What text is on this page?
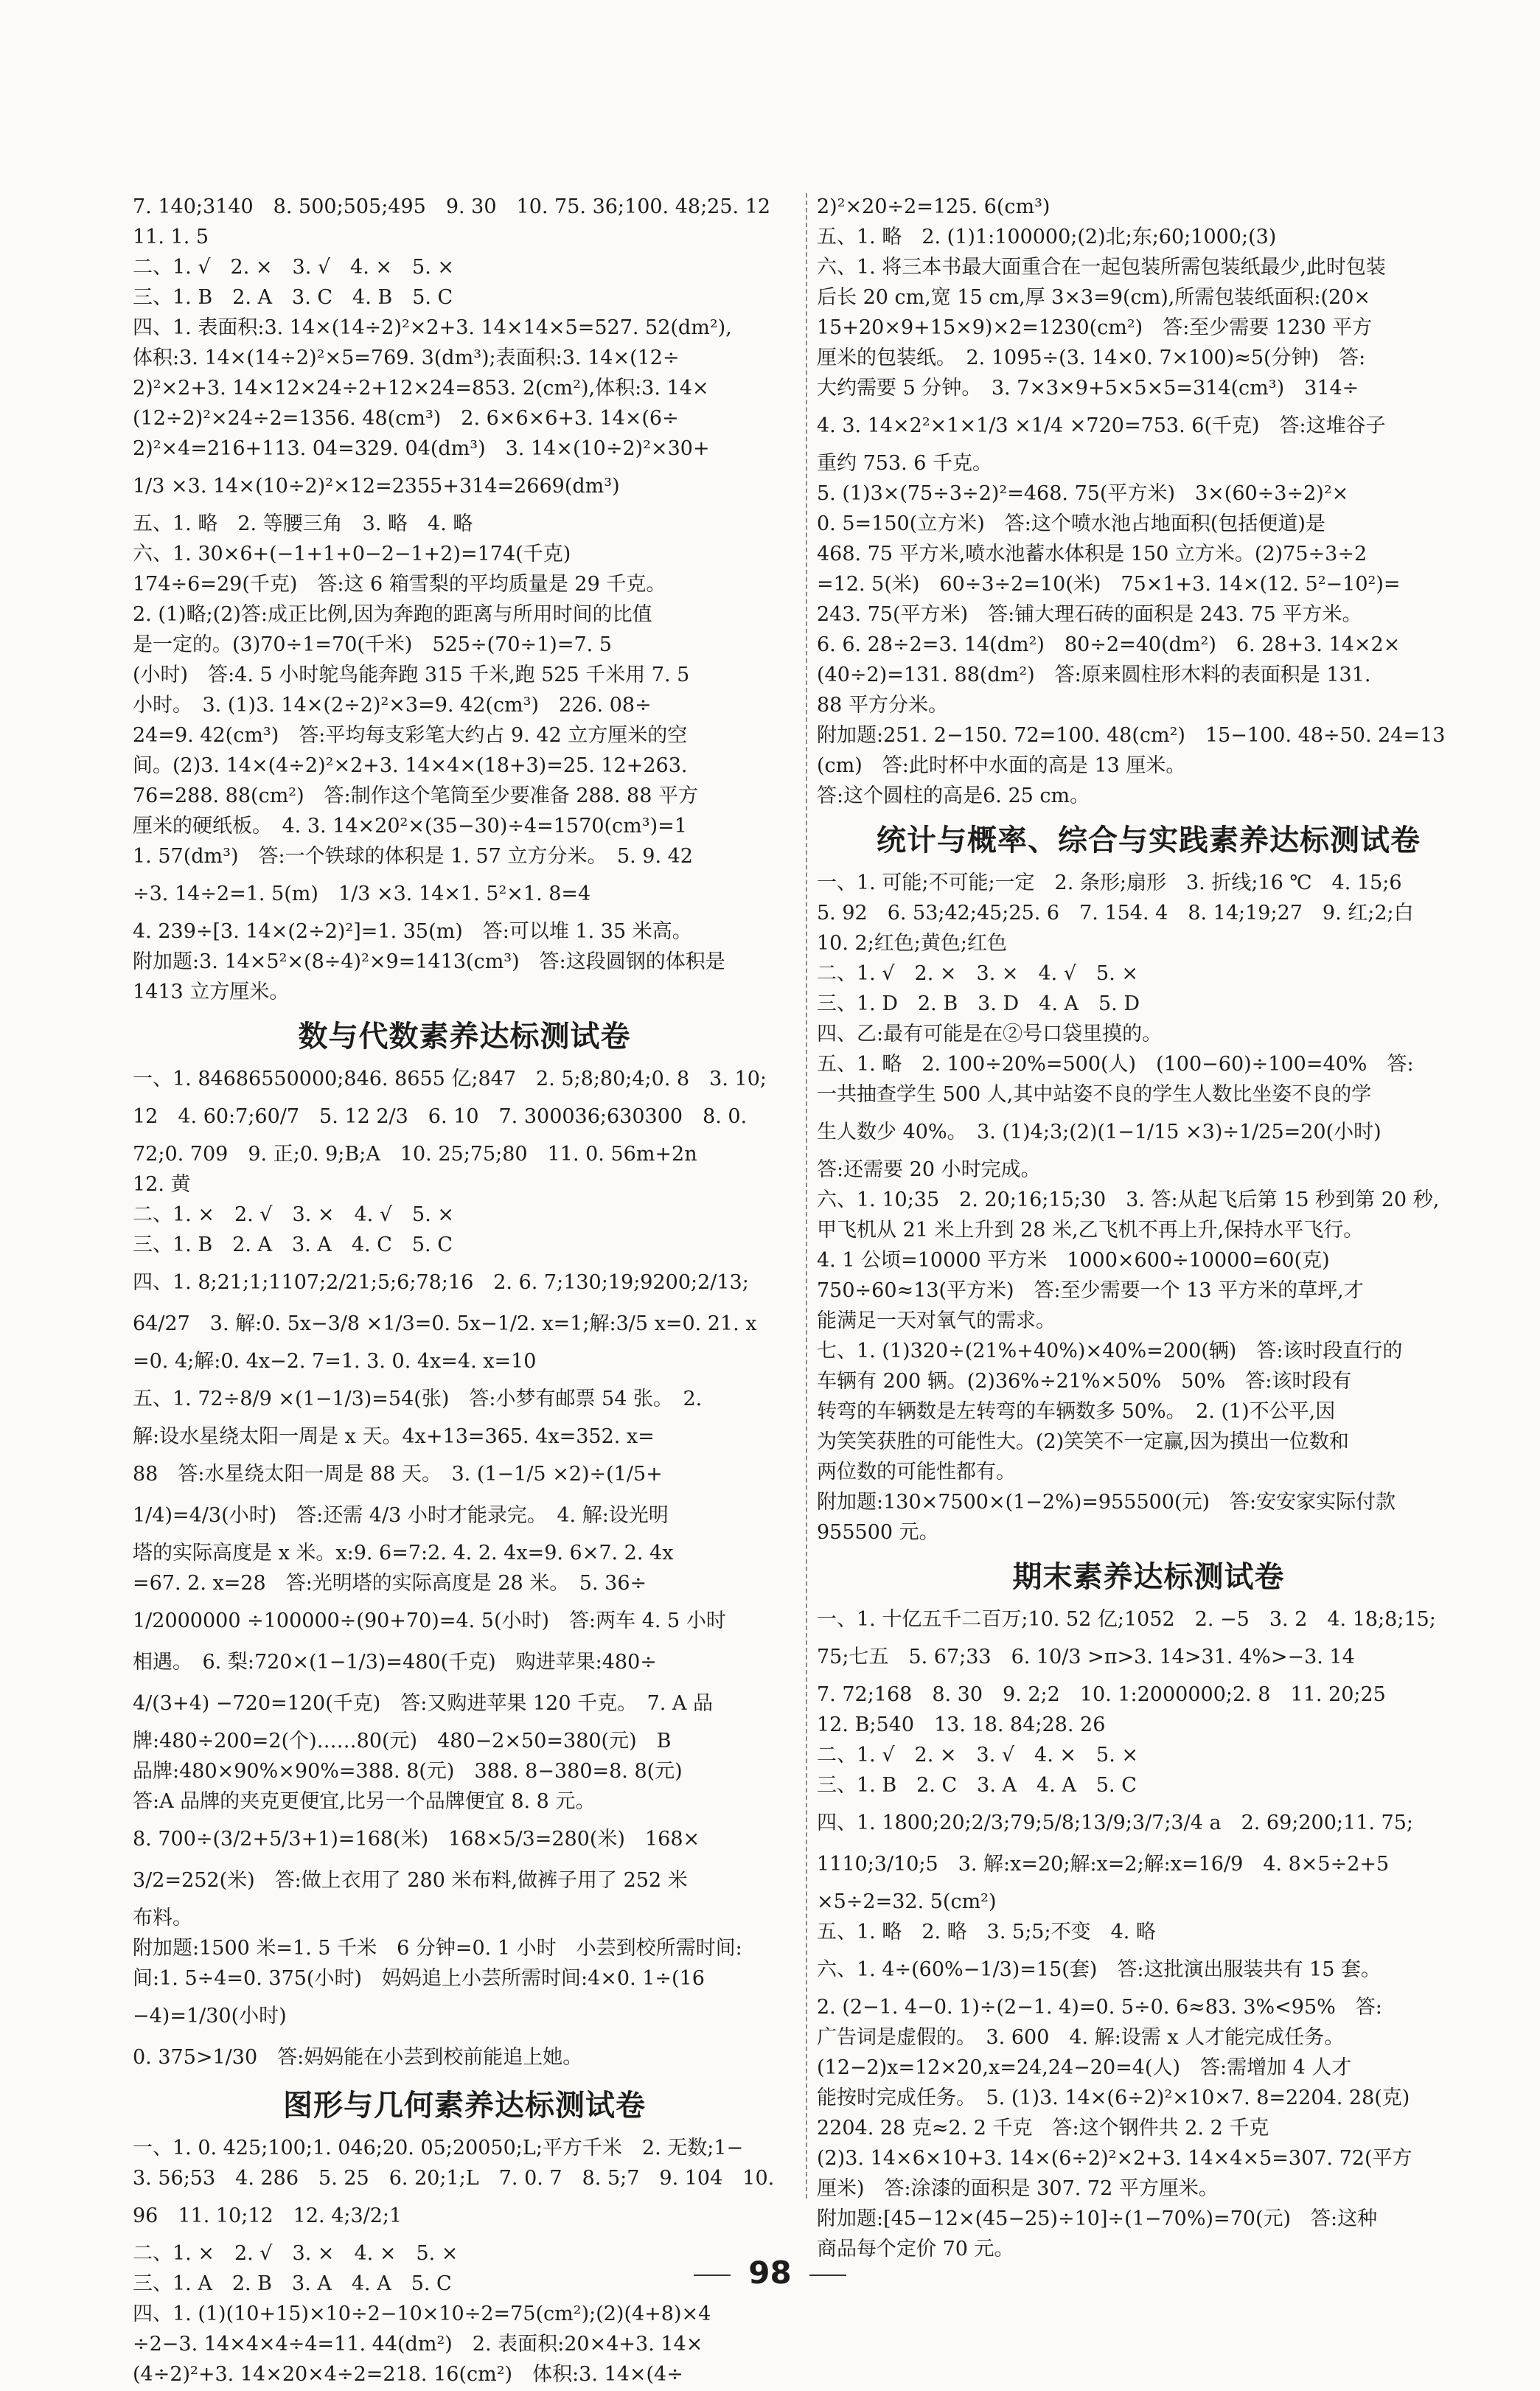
7. 140;3140　8. 500;505;495　9. 30　10. 75. 36;100. 48;25. 12
11. 1. 5
二、1. √　2. ×　3. √　4. ×　5. ×
三、1. B　2. A　3. C　4. B　5. C
四、1. 表面积:3. 14×(14÷2)²×2+3. 14×14×5=527. 52(dm²),
体积:3. 14×(14÷2)²×5=769. 3(dm³);表面积:3. 14×(12÷
2)²×2+3. 14×12×24÷2+12×24=853. 2(cm²),体积:3. 14×
(12÷2)²×24÷2=1356. 48(cm³)　2. 6×6×6+3. 14×(6÷
2)²×4=216+113. 04=329. 04(dm³)　3. 14×(10÷2)²×30+
1/3 ×3. 14×(10÷2)²×12=2355+314=2669(dm³)
五、1. 略　2. 等腰三角　3. 略　4. 略
六、1. 30×6+(−1+1+0−2−1+2)=174(千克)
174÷6=29(千克)　答:这 6 箱雪梨的平均质量是 29 千克。
2. (1)略;(2)答:成正比例,因为奔跑的距离与所用时间的比值
是一定的。(3)70÷1=70(千米)　525÷(70÷1)=7. 5
(小时)　答:4. 5 小时鸵鸟能奔跑 315 千米,跑 525 千米用 7. 5
小时。　3. (1)3. 14×(2÷2)²×3=9. 42(cm³)　226. 08÷
24=9. 42(cm³)　答:平均每支彩笔大约占 9. 42 立方厘米的空
间。(2)3. 14×(4÷2)²×2+3. 14×4×(18+3)=25. 12+263.
76=288. 88(cm²)　答:制作这个笔筒至少要准备 288. 88 平方
厘米的硬纸板。　4. 3. 14×20²×(35−30)÷4=1570(cm³)=1
1. 57(dm³)　答:一个铁球的体积是 1. 57 立方分米。　5. 9. 42
÷3. 14÷2=1. 5(m)　1/3 ×3. 14×1. 5²×1. 8=4
4. 239÷[3. 14×(2÷2)²]=1. 35(m)　答:可以堆 1. 35 米高。
附加题:3. 14×5²×(8÷4)²×9=1413(cm³)　答:这段圆钢的体积是
1413 立方厘米。
数与代数素养达标测试卷
一、1. 84686550000;846. 8655 亿;847　2. 5;8;80;4;0. 8　3. 10;
12　4. 60:7;60/7　5. 12 2/3　6. 10　7. 300036;630300　8. 0.
72;0. 709　9. 正;0. 9;B;A　10. 25;75;80　11. 0. 56m+2n
12. 黄
二、1. ×　2. √　3. ×　4. √　5. ×
三、1. B　2. A　3. A　4. C　5. C
四、1. 8;21;1;1107;2/21;5;6;78;16　2. 6. 7;130;19;9200;2/13;
64/27　3. 解:0. 5x−3/8 ×1/3=0. 5x−1/2. x=1;解:3/5 x=0. 21. x
=0. 4;解:0. 4x−2. 7=1. 3. 0. 4x=4. x=10
五、1. 72÷8/9 ×(1−1/3)=54(张)　答:小梦有邮票 54 张。　2.
解:设水星绕太阳一周是 x 天。4x+13=365. 4x=352. x=
88　答:水星绕太阳一周是 88 天。　3. (1−1/5 ×2)÷(1/5+
1/4)=4/3(小时)　答:还需 4/3 小时才能录完。　4. 解:设光明
塔的实际高度是 x 米。x:9. 6=7:2. 4. 2. 4x=9. 6×7. 2. 4x
=67. 2. x=28　答:光明塔的实际高度是 28 米。　5. 36÷
1/2000000 ÷100000÷(90+70)=4. 5(小时)　答:两车 4. 5 小时
相遇。　6. 梨:720×(1−1/3)=480(千克)　购进苹果:480÷
4/(3+4) −720=120(千克)　答:又购进苹果 120 千克。　7. A 品
牌:480÷200=2(个)……80(元)　480−2×50=380(元)　B
品牌:480×90%×90%=388. 8(元)　388. 8−380=8. 8(元)
答:A 品牌的夹克更便宜,比另一个品牌便宜 8. 8 元。
8. 700÷(3/2+5/3+1)=168(米)　168×5/3=280(米)　168×
3/2=252(米)　答:做上衣用了 280 米布料,做裤子用了 252 米
布料。
附加题:1500 米=1. 5 千米　6 分钟=0. 1 小时　小芸到校所需时间:
间:1. 5÷4=0. 375(小时)　妈妈追上小芸所需时间:4×0. 1÷(16
−4)=1/30(小时)
0. 375>1/30　答:妈妈能在小芸到校前能追上她。
图形与几何素养达标测试卷
一、1. 0. 425;100;1. 046;20. 05;20050;L;平方千米　2. 无数;1−
3. 56;53　4. 286　5. 25　6. 20;1;L　7. 0. 7　8. 5;7　9. 104　10.
96　11. 10;12　12. 4;3/2;1
二、1. ×　2. √　3. ×　4. ×　5. ×
三、1. A　2. B　3. A　4. A　5. C
四、1. (1)(10+15)×10÷2−10×10÷2=75(cm²);(2)(4+8)×4
÷2−3. 14×4×4÷4=11. 44(dm²)　2. 表面积:20×4+3. 14×
(4÷2)²+3. 14×20×4÷2=218. 16(cm²)　体积:3. 14×(4÷
2)²×20÷2=125. 6(cm³)
五、1. 略　2. (1)1:100000;(2)北;东;60;1000;(3)
六、1. 将三本书最大面重合在一起包装所需包装纸最少,此时包装
后长 20 cm,宽 15 cm,厚 3×3=9(cm),所需包装纸面积:(20×
15+20×9+15×9)×2=1230(cm²)　答:至少需要 1230 平方
厘米的包装纸。　2. 1095÷(3. 14×0. 7×100)≈5(分钟)　答:
大约需要 5 分钟。　3. 7×3×9+5×5×5=314(cm³)　314÷
4. 3. 14×2²×1×1/3 ×1/4 ×720=753. 6(千克)　答:这堆谷子
重约 753. 6 千克。
5. (1)3×(75÷3÷2)²=468. 75(平方米)　3×(60÷3÷2)²×
0. 5=150(立方米)　答:这个喷水池占地面积(包括便道)是
468. 75 平方米,喷水池蓄水体积是 150 立方米。(2)75÷3÷2
=12. 5(米)　60÷3÷2=10(米)　75×1+3. 14×(12. 5²−10²)=
243. 75(平方米)　答:铺大理石砖的面积是 243. 75 平方米。
6. 6. 28÷2=3. 14(dm²)　80÷2=40(dm²)　6. 28+3. 14×2×
(40÷2)=131. 88(dm²)　答:原来圆柱形木料的表面积是 131.
88 平方分米。
附加题:251. 2−150. 72=100. 48(cm²)　15−100. 48÷50. 24=13
(cm)　答:此时杯中水面的高是 13 厘米。
答:这个圆柱的高是6. 25 cm。
统计与概率、综合与实践素养达标测试卷
一、1. 可能;不可能;一定　2. 条形;扇形　3. 折线;16 ℃　4. 15;6
5. 92　6. 53;42;45;25. 6　7. 154. 4　8. 14;19;27　9. 红;2;白
10. 2;红色;黄色;红色
二、1. √　2. ×　3. ×　4. √　5. ×
三、1. D　2. B　3. D　4. A　5. D
四、乙:最有可能是在②号口袋里摸的。
五、1. 略　2. 100÷20%=500(人)　(100−60)÷100=40%　答:
一共抽查学生 500 人,其中站姿不良的学生人数比坐姿不良的学
生人数少 40%。　3. (1)4;3;(2)(1−1/15 ×3)÷1/25=20(小时)
答:还需要 20 小时完成。
六、1. 10;35　2. 20;16;15;30　3. 答:从起飞后第 15 秒到第 20 秒,
甲飞机从 21 米上升到 28 米,乙飞机不再上升,保持水平飞行。
4. 1 公顷=10000 平方米　1000×600÷10000=60(克)
750÷60≈13(平方米)　答:至少需要一个 13 平方米的草坪,才
能满足一天对氧气的需求。
七、1. (1)320÷(21%+40%)×40%=200(辆)　答:该时段直行的
车辆有 200 辆。(2)36%÷21%×50%　50%　答:该时段有
转弯的车辆数是左转弯的车辆数多 50%。　2. (1)不公平,因
为笑笑获胜的可能性大。(2)笑笑不一定赢,因为摸出一位数和
两位数的可能性都有。
附加题:130×7500×(1−2%)=955500(元)　答:安安家实际付款
955500 元。
期末素养达标测试卷
一、1. 十亿五千二百万;10. 52 亿;1052　2. −5　3. 2　4. 18;8;15;
75;七五　5. 67;33　6. 10/3 >π>3. 14>31. 4%>−3. 14
7. 72;168　8. 30　9. 2;2　10. 1:2000000;2. 8　11. 20;25
12. B;540　13. 18. 84;28. 26
二、1. √　2. ×　3. √　4. ×　5. ×
三、1. B　2. C　3. A　4. A　5. C
四、1. 1800;20;2/3;79;5/8;13/9;3/7;3/4 a　2. 69;200;11. 75;
1110;3/10;5　3. 解:x=20;解:x=2;解:x=16/9　4. 8×5÷2+5
×5÷2=32. 5(cm²)
五、1. 略　2. 略　3. 5;5;不变　4. 略
六、1. 4÷(60%−1/3)=15(套)　答:这批演出服装共有 15 套。
2. (2−1. 4−0. 1)÷(2−1. 4)=0. 5÷0. 6≈83. 3%<95%　答:
广告词是虚假的。　3. 600　4. 解:设需 x 人才能完成任务。
(12−2)x=12×20,x=24,24−20=4(人)　答:需增加 4 人才
能按时完成任务。　5. (1)3. 14×(6÷2)²×10×7. 8=2204. 28(克)
2204. 28 克≈2. 2 千克　答:这个钢件共 2. 2 千克
(2)3. 14×6×10+3. 14×(6÷2)²×2+3. 14×4×5=307. 72(平方
厘米)　答:涂漆的面积是 307. 72 平方厘米。
附加题:[45−12×(45−25)÷10]÷(1−70%)=70(元)　答:这种
商品每个定价 70 元。
98
